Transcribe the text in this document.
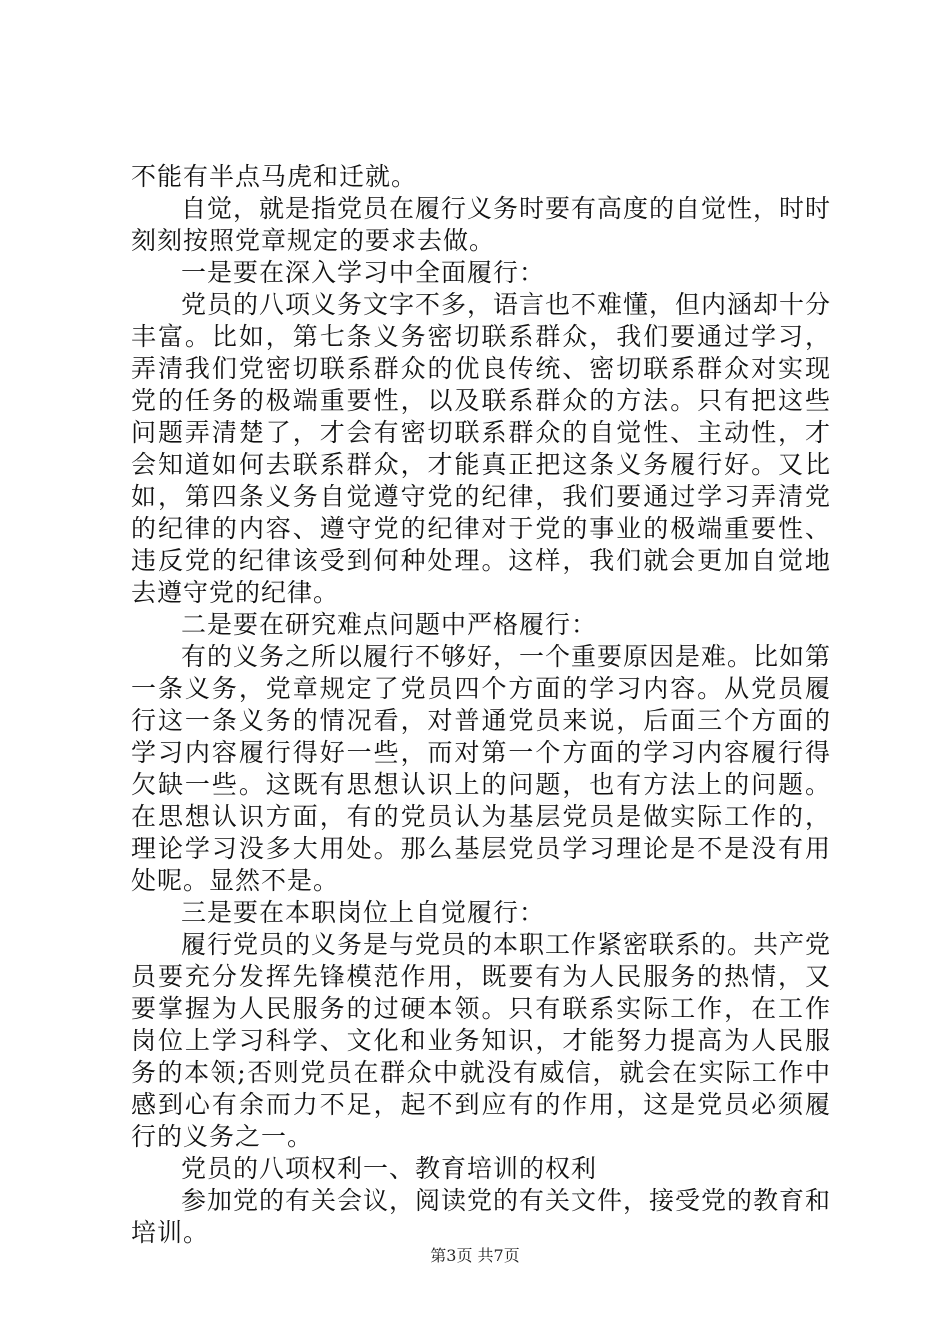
不能有半点马虎和迁就。

自觉，就是指党员在履行义务时要有高度的自觉性，时时刻刻按照党章规定的要求去做。

一是要在深入学习中全面履行：

党员的八项义务文字不多，语言也不难懂，但内涵却十分丰富。比如，第七条义务密切联系群众，我们要通过学习，弄清我们党密切联系群众的优良传统、密切联系群众对实现党的任务的极端重要性，以及联系群众的方法。只有把这些问题弄清楚了，才会有密切联系群众的自觉性、主动性，才会知道如何去联系群众，才能真正把这条义务履行好。又比如，第四条义务自觉遵守党的纪律，我们要通过学习弄清党的纪律的内容、遵守党的纪律对于党的事业的极端重要性、违反党的纪律该受到何种处理。这样，我们就会更加自觉地去遵守党的纪律。

二是要在研究难点问题中严格履行：

有的义务之所以履行不够好，一个重要原因是难。比如第一条义务，党章规定了党员四个方面的学习内容。从党员履行这一条义务的情况看，对普通党员来说，后面三个方面的学习内容履行得好一些，而对第一个方面的学习内容履行得欠缺一些。这既有思想认识上的问题，也有方法上的问题。在思想认识方面，有的党员认为基层党员是做实际工作的，理论学习没多大用处。那么基层党员学习理论是不是没有用处呢。显然不是。

三是要在本职岗位上自觉履行：

履行党员的义务是与党员的本职工作紧密联系的。共产党员要充分发挥先锋模范作用，既要有为人民服务的热情，又要掌握为人民服务的过硬本领。只有联系实际工作，在工作岗位上学习科学、文化和业务知识，才能努力提高为人民服务的本领;否则党员在群众中就没有威信，就会在实际工作中感到心有余而力不足，起不到应有的作用，这是党员必须履行的义务之一。

党员的八项权利一、教育培训的权利

参加党的有关会议，阅读党的有关文件，接受党的教育和培训。

第3页 共7页
